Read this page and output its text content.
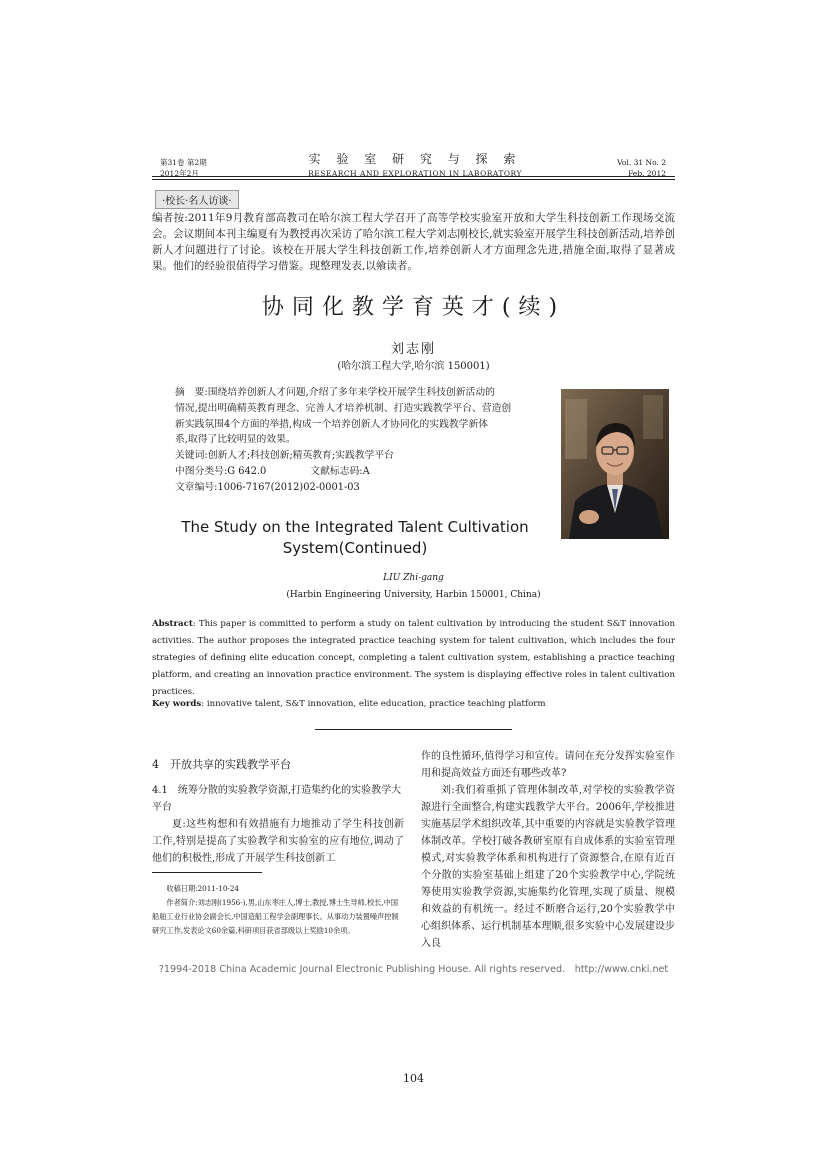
第31卷 第2期
2012年2月
实 验 室 研 究 与 探 索
RESEARCH AND EXPLORATION IN LABORATORY
Vol. 31 No. 2
Feb. 2012
·校长·名人访谈·
编者按:2011年9月教育部高教司在哈尔滨工程大学召开了高等学校实验室开放和大学生科技创新工作现场交流会。会议期间本刊主编夏有为教授再次采访了哈尔滨工程大学刘志刚校长,就实验室开展学生科技创新活动,培养创新人才问题进行了讨论。该校在开展大学生科技创新工作,培养创新人才方面理念先进,措施全面,取得了显著成果。他们的经验很值得学习借鉴。现整理发表,以飨读者。
协同化教学育英才(续)
刘志刚
(哈尔滨工程大学,哈尔滨 150001)
摘　要:围绕培养创新人才问题,介绍了多年来学校开展学生科技创新活动的
情况,提出明确精英教育理念、完善人才培养机制、打造实践教学平台、营造创
新实践氛围4个方面的举措,构成一个培养创新人才协同化的实践教学新体
系,取得了比较明显的效果。
关键词:创新人才;科技创新;精英教育;实践教学平台
中图分类号:G 642.0	文献标志码:A
文章编号:1006-7167(2012)02-0001-03
The Study on the Integrated Talent Cultivation
System(Continued)
LIU Zhi-gang
(Harbin Engineering University, Harbin 150001, China)
Abstract: This paper is committed to perform a study on talent cultivation by introducing the student S&T innovation activities. The author proposes the integrated practice teaching system for talent cultivation, which includes the four strategies of defining elite education concept, completing a talent cultivation system, establishing a practice teaching platform, and creating an innovation practice environment. The system is displaying effective roles in talent cultivation practices.
Key words: innovative talent, S&T innovation, elite education, practice teaching platform
4　开放共享的实践教学平台
4.1　统筹分散的实验教学资源,打造集约化的实验教学大平台
夏:这些构想和有效措施有力地推动了学生科技创新工作,特别是提高了实验教学和实验室的应有地位,调动了他们的积极性,形成了开展学生科技创新工
作的良性循环,值得学习和宣传。请问在充分发挥实验室作用和提高效益方面还有哪些改革?
刘:我们着重抓了管理体制改革,对学校的实验教学资源进行全面整合,构建实践教学大平台。2006年,学校推进实施基层学术组织改革,其中重要的内容就是实验教学管理体制改革。学校打破各教研室原有自成体系的实验室管理模式,对实验教学体系和机构进行了资源整合,在原有近百个分散的实验室基础上组建了20个实验教学中心,学院统筹使用实验教学资源,实施集约化管理,实现了质量、规模和效益的有机统一。经过不断磨合运行,20个实验教学中心组织体系、运行机制基本理顺,很多实验中心发展建设步入良
收稿日期:2011-10-24
作者简介:刘志刚(1956-),男,山东枣庄人,博士,教授,博士生导师,校长,中国船舶工业行业协会副会长,中国造船工程学会副理事长。从事动力装置噪声控制研究工作,发表论文60余篇,科研项目获省部级以上奖励10余项。
?1994-2018 China Academic Journal Electronic Publishing House. All rights reserved.　http://www.cnki.net
104
